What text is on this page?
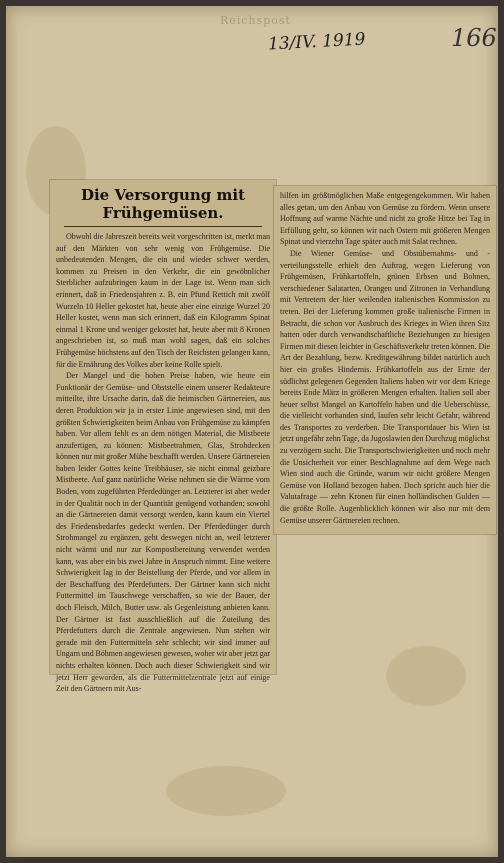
Reichspost
13/IV. 1919	166
Die Versorgung mit Frühgemüsen.

Obwohl die Jahreszeit bereits weit vorgeschritten ist, merkt man auf den Märkten von sehr wenig von Frühgemüse. Die unbedeutenden Mengen, die ein und wieder schwer werden, kommen zu Preisen in den Verkehr, die ein gewöhnlicher Sterblicher aufzubringen kaum in der Lage ist. Wenn man sich erinnert, daß in Friedensjahren z. B. ein Pfund Rettich mit zwölf Wurzeln 10 Heller gekostet hat, heute aber eine einzige Wurzel 20 Heller kostet, wenn man sich erinnert, daß ein Kilogramm Spinat einmal 1 Krone und weniger gekostet hat, heute aber mit 8 Kronen angeschrieben ist, so muß man wohl sagen, daß ein solches Frühgemüse höchstens auf den Tisch der Reichsten gelangen kann, für die Ernährung des Volkes aber keine Rolle spielt.

Der Mangel und die hohen Preise haben, wie heute ein Funktionär der Gemüse- und Obststelle einem unserer Redakteure mitteilte, ihre Ursache darin, daß die heimischen Gärtnereien, aus deren Produktion wir ja in erster Linie angewiesen sind, mit den größten Schwierigkeiten beim Anbau von Frühgemüse zu kämpfen haben. Vor allem fehlt es an dem nötigen Material, die Mistbeete anzufertigen, zu können: Mistbeetrahmen, Glas, Strohdecken können nur mit großer Mühe beschafft werden. Unsere Gärtnereien haben leider Gottes keine Treibhäuser, sie nicht einmal geizbare Mistbeete. Auf ganz natürliche Weise nehmen sie die Wärme vom Boden, vom zugeführten Pferdedünger an. Letzterer ist aber weder in der Qualität noch in der Quantität genügend vorhanden; sowohl an die Gärtnereien damit versorgt werden, kann kaum ein Viertel des Friedensbedarfes gedeckt werden. Der Pferdedünger durch Strohmangel zu ergänzen, geht deswegen nicht an, weil letzterer nicht wärmt und nur zur Kompostbereitung verwendet werden kann, was aber ein bis zwei Jahre in Anspruch nimmt. Eine weitere Schwierigkeit lag in der Beistellung der Pferde, und vor allem in der Beschaffung des Pferdefutters. Der Gärtner kann sich nicht Futtermittel im Tauschwege verschaffen, so wie der Bauer, der doch Fleisch, Milch, Butter usw. als Gegenleistung anbieten kann. Der Gärtner ist fast ausschließlich auf die Zuteilung des Pferdefutters durch die Zentrale angewiesen. Nun stehen wir gerade mit den Futtermitteln sehr schlecht; wir sind immer auf Ungarn und Böhmen angewiesen gewesen, woher wir aber jetzt gar nichts erhalten können. Doch auch dieser Schwierigkeit sind wir jetzt Herr geworden, als die Futtermittelzentrale jetzt auf einige Zeit den Gärtnern mit Aus-

hilfen im größtmöglichen Maße entgegengekommen. Wir haben alles getan, um den Anbau von Gemüse zu fördern. Wenn unsere Hoffnung auf warme Nächte und nicht zu große Hitze bei Tag in Erfüllung geht, so können wir nach Ostern mit größeren Mengen Spinat und vierzehn Tage später auch mit Salat rechnen.

Die Wiener Gemüse- und Obstübernahms- und -verteilungsstelle erhielt den Auftrag, wegen Lieferung von Frühgemüsen, Frühkartoffeln, grünen Erbsen und Bohnen, verschiedener Salatarten, Orangen und Zitronen in Verhandlung mit Vertretern der hier weilenden italienischen Kommission zu treten. Bei der Lieferung kommen große italienische Firmen in Betracht, die schon vor Ausbruch des Krieges in Wien ihren Sitz hatten oder durch verwandtschaftliche Beziehungen zu hiesigen Firmen mit diesen leichter in Geschäftsverkehr treten können. Die Art der Bezahlung, bezw. Kreditgewährung bildet natürlich auch hier ein großes Hindernis. Frühkartoffeln aus der Ernte der südlichst gelegenen Gegenden Italiens haben wir vor dem Kriege bereits Ende März in größeren Mengen erhalten. Italien soll aber heuer selbst Mangel an Kartoffeln haben und die Ueberschüsse, die vielleicht vorhanden sind, laufen sehr leicht Gefahr, während des Transportes zu verderben. Die Transportdauer bis Wien ist jetzt ungefähr zehn Tage, da Jugoslawien den Durchzug möglichst zu verzögern sucht. Die Transportschwierigkeiten und noch mehr die Unsicherheit vor einer Beschlagnahme auf dem Wege nach Wien sind auch die Gründe, warum wir nicht größere Mengen Gemüse von Holland bezogen haben. Doch spricht auch hier die Valutafrage — zehn Kronen für einen holländischen Gulden — die größte Rolle. Augenblicklich können wir also nur mit dem Gemüse unserer Gärtnereien rechnen.
